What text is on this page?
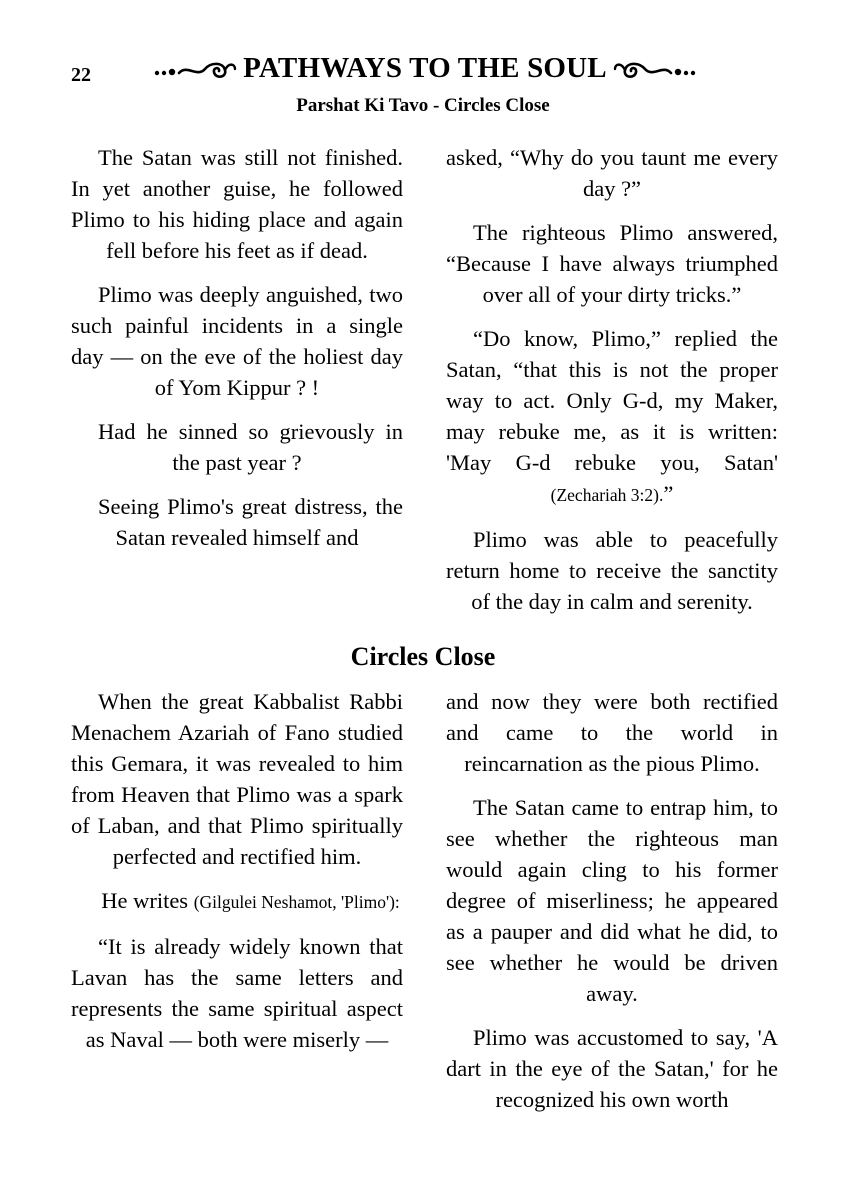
22	PATHWAYS TO THE SOUL
Parshat Ki Tavo - Circles Close

The Satan was still not finished. In yet another guise, he followed Plimo to his hiding place and again fell before his feet as if dead.

Plimo was deeply anguished, two such painful incidents in a single day — on the eve of the holiest day of Yom Kippur ? !

Had he sinned so grievously in the past year ?

Seeing Plimo's great distress, the Satan revealed himself and

asked, “Why do you taunt me every day ?”

The righteous Plimo answered, “Because I have always triumphed over all of your dirty tricks.”

“Do know, Plimo,” replied the Satan, “that this is not the proper way to act. Only G-d, my Maker, may rebuke me, as it is written: 'May G-d rebuke you, Satan' (Zechariah 3:2).”

Plimo was able to peacefully return home to receive the sanctity of the day in calm and serenity.

Circles Close

When the great Kabbalist Rabbi Menachem Azariah of Fano studied this Gemara, it was revealed to him from Heaven that Plimo was a spark of Laban, and that Plimo spiritually perfected and rectified him.

He writes (Gilgulei Neshamot, 'Plimo'):

“It is already widely known that Lavan has the same letters and represents the same spiritual aspect as Naval — both were miserly —

and now they were both rectified and came to the world in reincarnation as the pious Plimo.

The Satan came to entrap him, to see whether the righteous man would again cling to his former degree of miserliness; he appeared as a pauper and did what he did, to see whether he would be driven away.

Plimo was accustomed to say, 'A dart in the eye of the Satan,' for he recognized his own worth
